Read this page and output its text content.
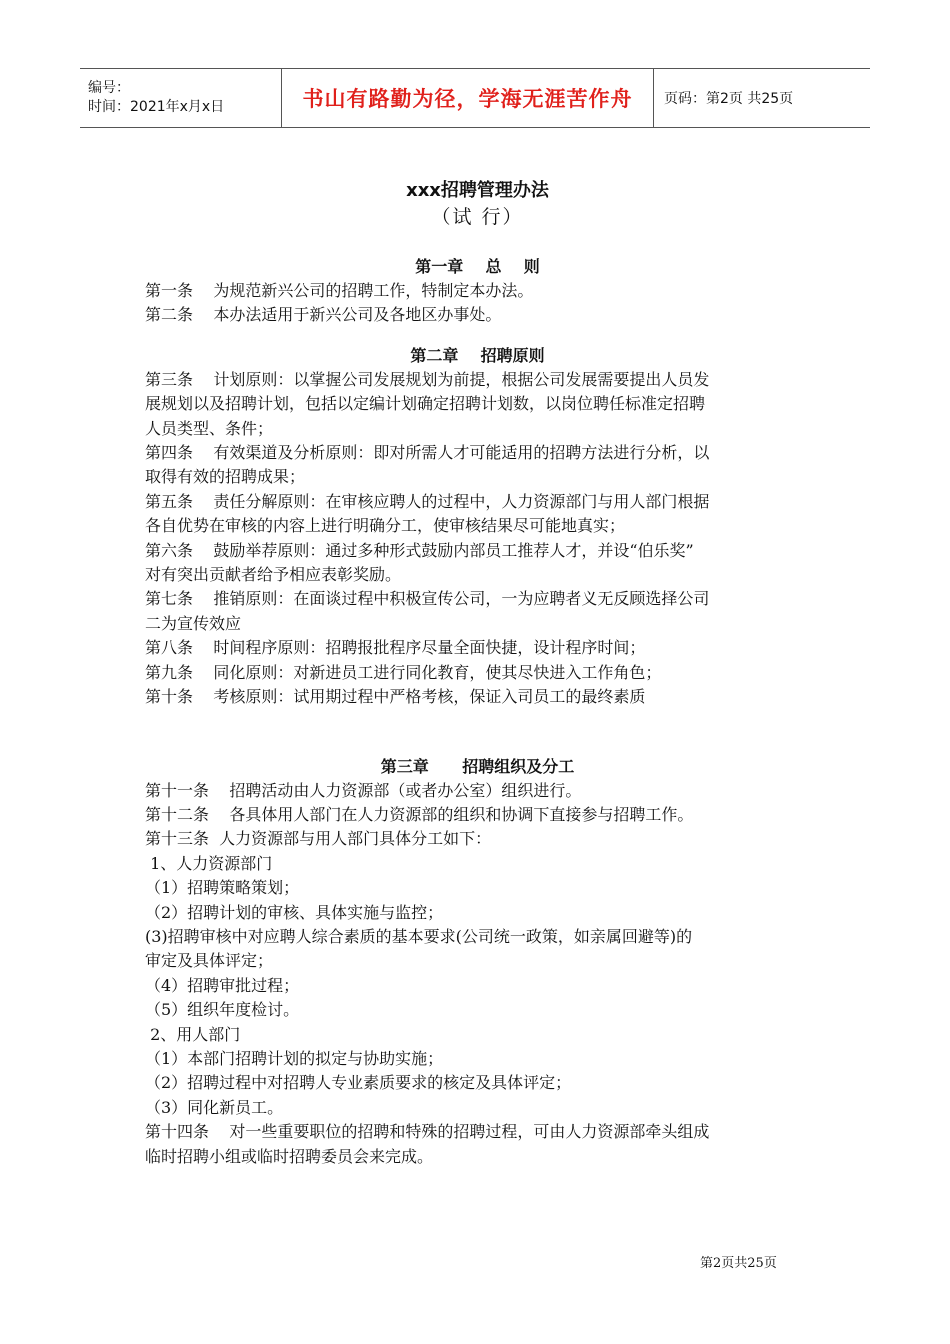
编号：
时间：2021年x月x日	书山有路勤为径，学海无涯苦作舟 页码：第2页 共25页
xxx招聘管理办法
（试 行）
第一章    总    则
第一条    为规范新兴公司的招聘工作，特制定本办法。
第二条    本办法适用于新兴公司及各地区办事处。
第二章    招聘原则
第三条    计划原则：以掌握公司发展规划为前提，根据公司发展需要提出人员发
展规划以及招聘计划，包括以定编计划确定招聘计划数，以岗位聘任标准定招聘
人员类型、条件；
第四条    有效渠道及分析原则：即对所需人才可能适用的招聘方法进行分析，以
取得有效的招聘成果；
第五条    责任分解原则：在审核应聘人的过程中，人力资源部门与用人部门根据
各自优势在审核的内容上进行明确分工，使审核结果尽可能地真实；
第六条    鼓励举荐原则：通过多种形式鼓励内部员工推荐人才，并设“伯乐奖”
对有突出贡献者给予相应表彰奖励。
第七条    推销原则：在面谈过程中积极宣传公司，一为应聘者义无反顾选择公司
二为宣传效应
第八条    时间程序原则：招聘报批程序尽量全面快捷，设计程序时间；
第九条    同化原则：对新进员工进行同化教育，使其尽快进入工作角色；
第十条    考核原则：试用期过程中严格考核，保证入司员工的最终素质
第三章      招聘组织及分工
第十一条    招聘活动由人力资源部（或者办公室）组织进行。
第十二条    各具体用人部门在人力资源部的组织和协调下直接参与招聘工作。
第十三条  人力资源部与用人部门具体分工如下：
1、人力资源部门
（1）招聘策略策划；
（2）招聘计划的审核、具体实施与监控；
(3)招聘审核中对应聘人综合素质的基本要求(公司统一政策，如亲属回避等)的
审定及具体评定；
（4）招聘审批过程；
（5）组织年度检讨。
2、用人部门
（1）本部门招聘计划的拟定与协助实施；
（2）招聘过程中对招聘人专业素质要求的核定及具体评定；
（3）同化新员工。
第十四条    对一些重要职位的招聘和特殊的招聘过程，可由人力资源部牵头组成
临时招聘小组或临时招聘委员会来完成。
第2页共25页
